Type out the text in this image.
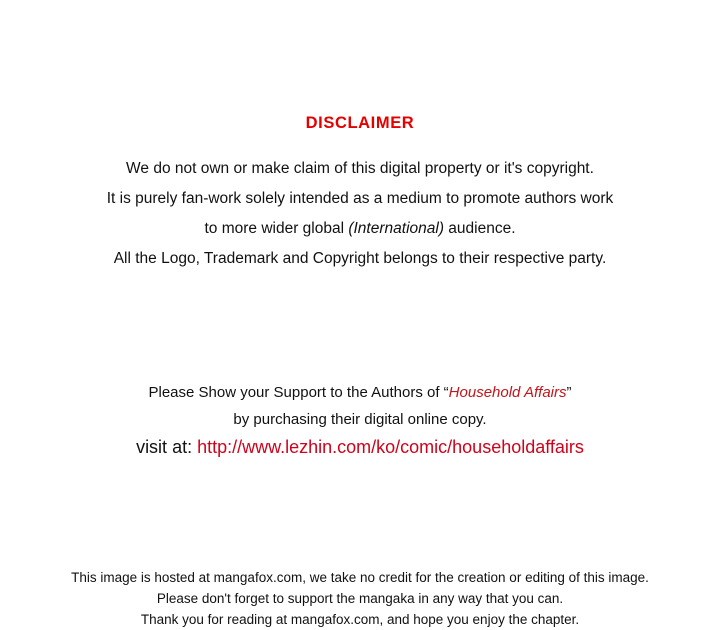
DISCLAIMER
We do not own or make claim of this digital property or it's copyright.
It is purely fan-work solely intended as a medium to promote authors work
to more wider global (International) audience.
All the Logo, Trademark and Copyright belongs to their respective party.
Please Show your Support to the Authors of “Household Affairs”
by purchasing their digital online copy.
visit at: http://www.lezhin.com/ko/comic/householdaffairs
This image is hosted at mangafox.com, we take no credit for the creation or editing of this image.
Please don't forget to support the mangaka in any way that you can.
Thank you for reading at mangafox.com, and hope you enjoy the chapter.
